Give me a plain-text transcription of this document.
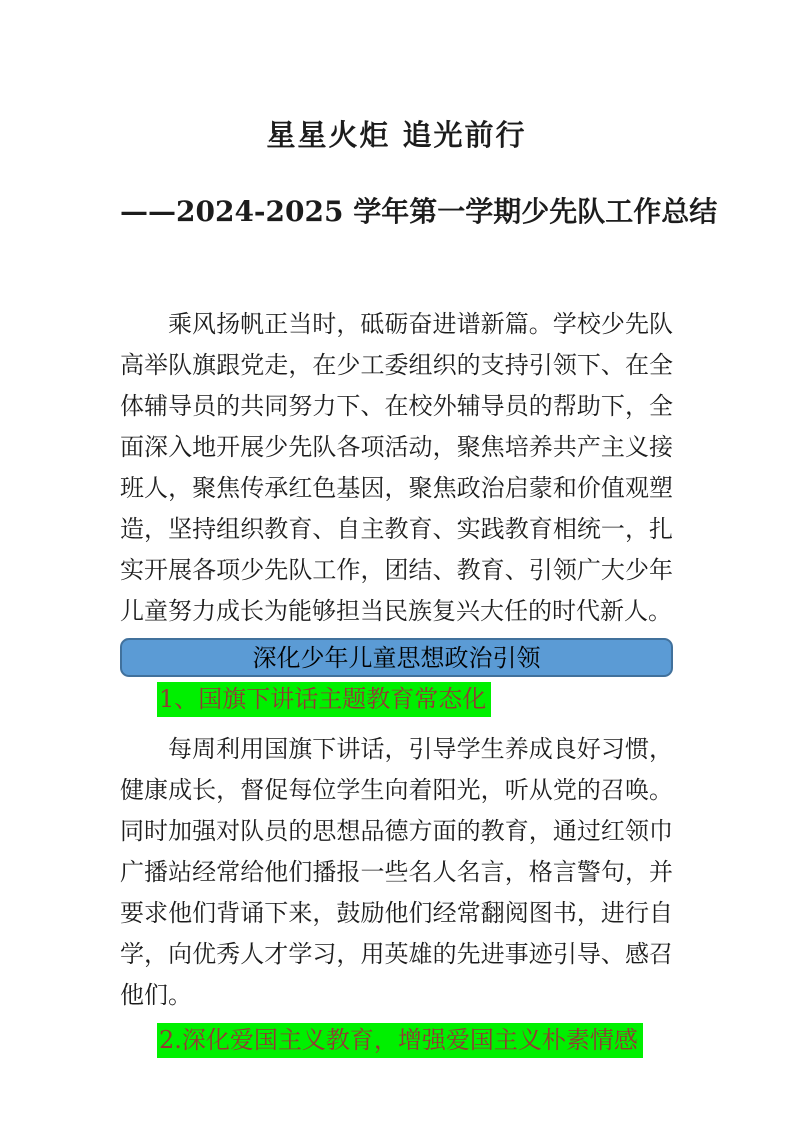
星星火炬 追光前行
——2024-2025 学年第一学期少先队工作总结

乘风扬帆正当时，砥砺奋进谱新篇。学校少先队高举队旗跟党走，在少工委组织的支持引领下、在全体辅导员的共同努力下、在校外辅导员的帮助下，全面深入地开展少先队各项活动，聚焦培养共产主义接班人，聚焦传承红色基因，聚焦政治启蒙和价值观塑造，坚持组织教育、自主教育、实践教育相统一，扎实开展各项少先队工作，团结、教育、引领广大少年儿童努力成长为能够担当民族复兴大任的时代新人。

深化少年儿童思想政治引领

1、国旗下讲话主题教育常态化

每周利用国旗下讲话，引导学生养成良好习惯，健康成长，督促每位学生向着阳光，听从党的召唤。同时加强对队员的思想品德方面的教育，通过红领巾广播站经常给他们播报一些名人名言，格言警句，并要求他们背诵下来，鼓励他们经常翻阅图书，进行自学，向优秀人才学习，用英雄的先进事迹引导、感召他们。

2.深化爱国主义教育，增强爱国主义朴素情感
